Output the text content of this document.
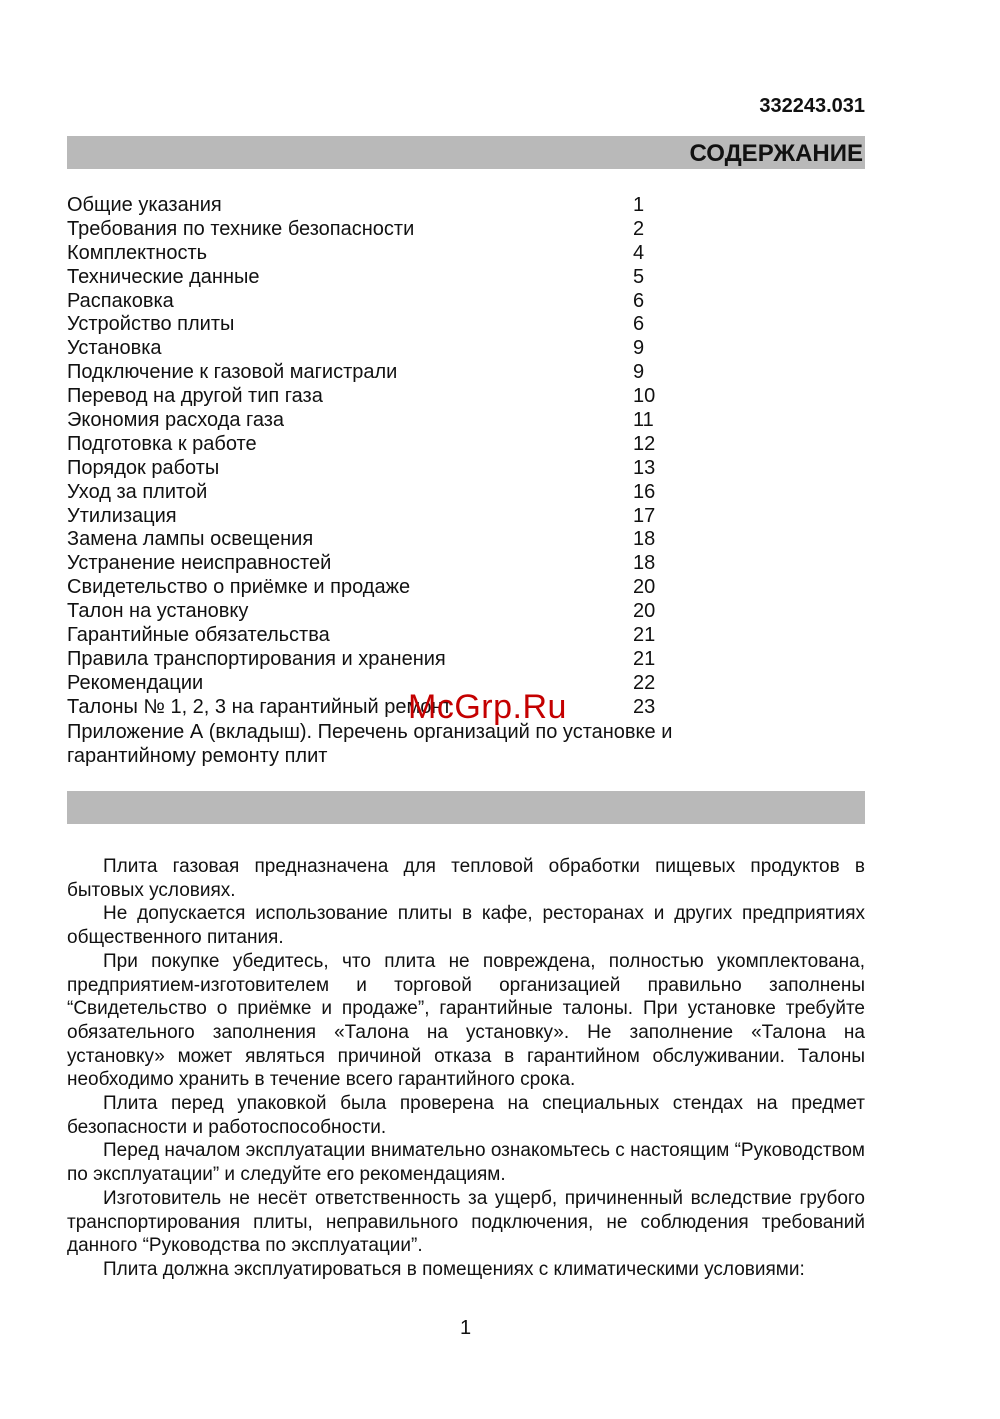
332243.031
СОДЕРЖАНИЕ
Общие указания	1
Требования по технике безопасности	2
Комплектность	4
Технические данные	5
Распаковка	6
Устройство плиты	6
Установка	9
Подключение к газовой магистрали	9
Перевод на другой тип газа	10
Экономия расхода газа	11
Подготовка к работе	12
Порядок работы	13
Уход за плитой	16
Утилизация	17
Замена лампы освещения	18
Устранение неисправностей	18
Свидетельство о приёмке и продаже	20
Талон на установку	20
Гарантийные обязательства	21
Правила транспортирования и хранения	21
Рекомендации	22
Талоны № 1, 2, 3 на гарантийный ремонт	23
Приложение А (вкладыш). Перечень организаций по установке и
гарантийному ремонту плит
McGrp.Ru

Плита газовая предназначена для тепловой обработки пищевых продуктов в бытовых условиях.

Не допускается использование плиты в кафе, ресторанах и других предприятиях общественного питания.

При покупке убедитесь, что плита не повреждена, полностью укомплектована, предприятием-изготовителем и торговой организацией правильно заполнены “Свидетельство о приёмке и продаже”, гарантийные талоны. При установке требуйте обязательного заполнения «Талона на установку». Не заполнение «Талона на установку» может являться причиной отказа в гарантийном обслуживании. Талоны необходимо хранить в течение всего гарантийного срока.

Плита перед упаковкой была проверена на специальных стендах на предмет безопасности и работоспособности.

Перед началом эксплуатации внимательно ознакомьтесь с настоящим “Руководством по эксплуатации” и следуйте его рекомендациям.

Изготовитель не несёт ответственность за ущерб, причиненный вследствие грубого транспортирования плиты, неправильного подключения, не соблюдения требований данного “Руководства по эксплуатации”.

Плита должна эксплуатироваться в помещениях с климатическими условиями:

1
